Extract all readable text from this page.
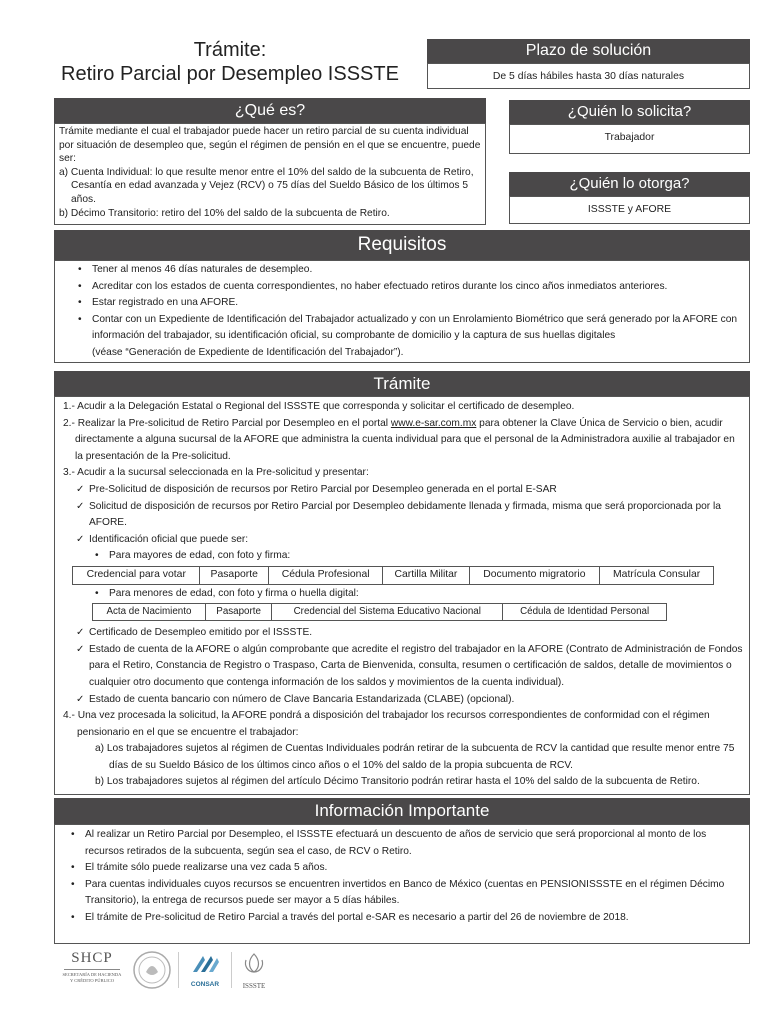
Trámite:
Retiro Parcial por Desempleo ISSSTE
Plazo de solución
De 5 días hábiles hasta 30 días naturales
¿Qué es?
Trámite mediante el cual el trabajador puede hacer un retiro parcial de su cuenta individual por situación de desempleo que, según el régimen de pensión en el que se encuentre, puede ser:
a) Cuenta Individual: lo que resulte menor entre el 10% del saldo de la subcuenta de Retiro, Cesantía en edad avanzada y Vejez (RCV) o 75 días del Sueldo Básico de los últimos 5 años.
b) Décimo Transitorio: retiro del 10% del saldo de la subcuenta de Retiro.
¿Quién lo solicita?
Trabajador
¿Quién lo otorga?
ISSSTE y AFORE
Requisitos
• Tener al menos 46 días naturales de desempleo.
• Acreditar con los estados de cuenta correspondientes, no haber efectuado retiros durante los cinco años inmediatos anteriores.
• Estar registrado en una AFORE.
• Contar con un Expediente de Identificación del Trabajador actualizado y con un Enrolamiento Biométrico que será generado por la AFORE con información del trabajador, su identificación oficial, su comprobante de domicilio y la captura de sus huellas digitales
(véase “Generación de Expediente de Identificación del Trabajador”).
Trámite
1.- Acudir a la Delegación Estatal o Regional del ISSSTE que corresponda y solicitar el certificado de desempleo.
2.- Realizar la Pre-solicitud de Retiro Parcial por Desempleo en el portal www.e-sar.com.mx para obtener la Clave Única de Servicio o bien, acudir directamente a alguna sucursal de la AFORE que administra la cuenta individual para que el personal de la Administradora auxilie al trabajador en la presentación de la Pre-solicitud.
3.- Acudir a la sucursal seleccionada en la Pre-solicitud y presentar:
✓ Pre-Solicitud de disposición de recursos por Retiro Parcial por Desempleo generada en el portal E-SAR
✓ Solicitud de disposición de recursos por Retiro Parcial por Desempleo debidamente llenada y firmada, misma que será proporcionada por la AFORE.
✓ Identificación oficial que puede ser:
• Para mayores de edad, con foto y firma:
Credencial para votar	Pasaporte	Cédula Profesional	Cartilla Militar	Documento migratorio	Matrícula Consular
• Para menores de edad, con foto y firma o huella digital:
Acta de Nacimiento	Pasaporte	Credencial del Sistema Educativo Nacional	Cédula de Identidad Personal
✓ Certificado de Desempleo emitido por el ISSSTE.
✓ Estado de cuenta de la AFORE o algún comprobante que acredite el registro del trabajador en la AFORE (Contrato de Administración de Fondos para el Retiro, Constancia de Registro o Traspaso, Carta de Bienvenida, consulta, resumen o certificación de saldos, detalle de movimientos o cualquier otro documento que contenga información de los saldos y movimientos de la cuenta individual).
✓ Estado de cuenta bancario con número de Clave Bancaria Estandarizada (CLABE) (opcional).
4.- Una vez procesada la solicitud, la AFORE pondrá a disposición del trabajador los recursos correspondientes de conformidad con el régimen pensionario en el que se encuentre el trabajador:
a) Los trabajadores sujetos al régimen de Cuentas Individuales podrán retirar de la subcuenta de RCV la cantidad que resulte menor entre 75 días de su Sueldo Básico de los últimos cinco años o el 10% del saldo de la propia subcuenta de RCV.
b) Los trabajadores sujetos al régimen del artículo Décimo Transitorio podrán retirar hasta el 10% del saldo de la subcuenta de Retiro.
Información Importante
• Al realizar un Retiro Parcial por Desempleo, el ISSSTE efectuará un descuento de años de servicio que será proporcional al monto de los recursos retirados de la subcuenta, según sea el caso, de RCV o Retiro.
• El trámite sólo puede realizarse una vez cada 5 años.
• Para cuentas individuales cuyos recursos se encuentren invertidos en Banco de México (cuentas en PENSIONISSSTE en el régimen Décimo Transitorio), la entrega de recursos puede ser mayor a 5 días hábiles.
• El trámite de Pre-solicitud de Retiro Parcial a través del portal e-SAR es necesario a partir del 26 de noviembre de 2018.
SHCP
SECRETARÍA DE HACIENDA
Y CRÉDITO PÚBLICO
CONSAR	ISSSTE
